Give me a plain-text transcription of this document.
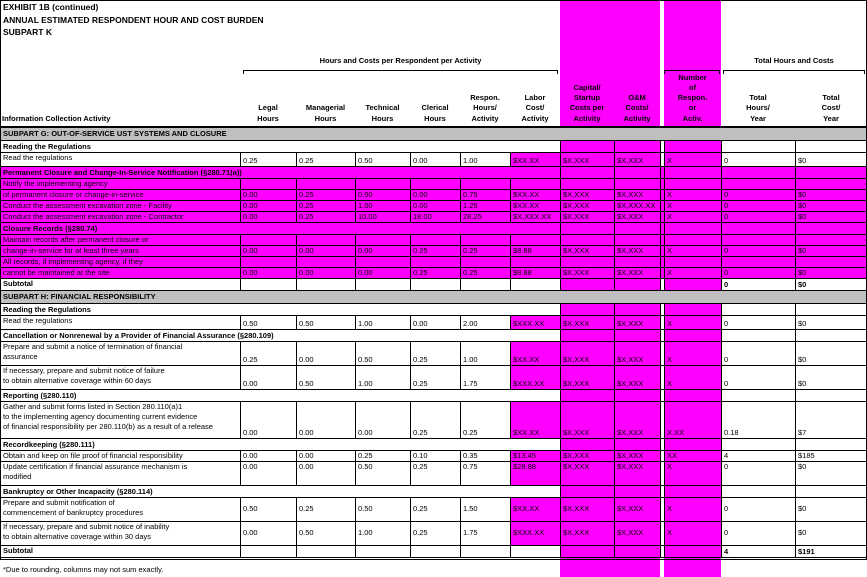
EXHIBIT 1B (continued)
ANNUAL ESTIMATED RESPONDENT HOUR AND COST BURDEN
SUBPART K
Hours and Costs per Respondent per Activity	Total Hours and Costs
Information Collection Activity
Legal
Hours
Managerial
Hours
Technical
Hours
Clerical
Hours
Respon.
Hours/
Activity
Labor
Cost/
Activity
Capital/
Startup
Costs per
Activity
O&M
Costs/
Activity
Number
of
Respon.
or
Activ.
Total
Hours/
Year
Total
Cost/
Year
SUBPART G: OUT-OF-SERVICE UST SYSTEMS AND CLOSURE												
Reading the Regulations												
Read the regulations	0.25	0.25	0.50	0.00	1.00	$XX.XX	$X,XXX	$X,XXX		X	0	$0
Permanent Closure and Change-In-Service Notification (§280.71(a))												
Notify the implementing agency												
of permanent closure or change-in-service	0.00	0.25	0.50	0.00	0.75	$XX.XX	$X,XXX	$X,XXX		X	0	$0
Conduct the assessment excavation zone - Facility	0.00	0.25	1.00	0.00	1.25	$XX.XX	$X,XXX	$X,XXX.XX		X	0	$0
Conduct the assessment excavation zone - Contractor	0.00	0.25	10.00	18.00	28.25	$X,XXX.XX	$X,XXX	$X,XXX		X	0	$0
Closure Records (§280.74)												
Maintain records after permanent closure or												
change-in-service for at least three years	0.00	0.00	0.00	0.25	0.25	$8.88	$X,XXX	$X,XXX		X	0	$0
All records, if implementing agency, if they												
cannot be maintained at the site	0.00	0.00	0.00	0.25	0.25	$8.88	$X,XXX	$X,XXX		X	0	$0
Subtotal											0	$0
SUBPART H: FINANCIAL RESPONSIBILITY												
Reading the Regulations												
Read the regulations	0.50	0.50	1.00	0.00	2.00	$XXX.XX	$X,XXX	$X,XXX		X	0	$0
Cancellation or Nonrenewal by a Provider of Financial Assurance (§280.109)												
Prepare and submit a notice of termination of financial
assurance	0.25	0.00	0.50	0.25	1.00	$XX.XX	$X,XXX	$X,XXX		X	0	$0
If necessary, prepare and submit notice of failure
to obtain alternative coverage within 60 days	0.00	0.50	1.00	0.25	1.75	$XXX.XX	$X,XXX	$X,XXX		X	0	$0
Reporting (§280.110)												
Gather and submit forms listed in Section 280.110(a)1
to the implementing agency documenting current evidence
of financial responsibility per 280.110(b) as a result of a release	0.00	0.00	0.00	0.25	0.25	$XX.XX	$X,XXX	$X,XXX		X.XX	0.18	$7
Recordkeeping (§280.111)												
Obtain and keep on file proof of financial responsibility	0.00	0.00	0.25	0.10	0.35	$13.45	$X,XXX	$X,XXX		XX	4	$185
Update certification if financial assurance mechanism is
modified	0.00	0.00	0.50	0.25	0.75	$28.88	$X,XXX	$X,XXX		X	0	$0
Bankruptcy or Other Incapacity (§280.114)												
Prepare and submit notification of
commencement of bankruptcy procedures	0.50	0.25	0.50	0.25	1.50	$XX.XX	$X,XXX	$X,XXX		X	0	$0
If necessary, prepare and submit notice of inability
to obtain alternative coverage within 30 days	0.00	0.50	1.00	0.25	1.75	$XXX.XX	$X,XXX	$X,XXX		X	0	$0
Subtotal											4	$191
*Due to rounding, columns may not sum exactly.
